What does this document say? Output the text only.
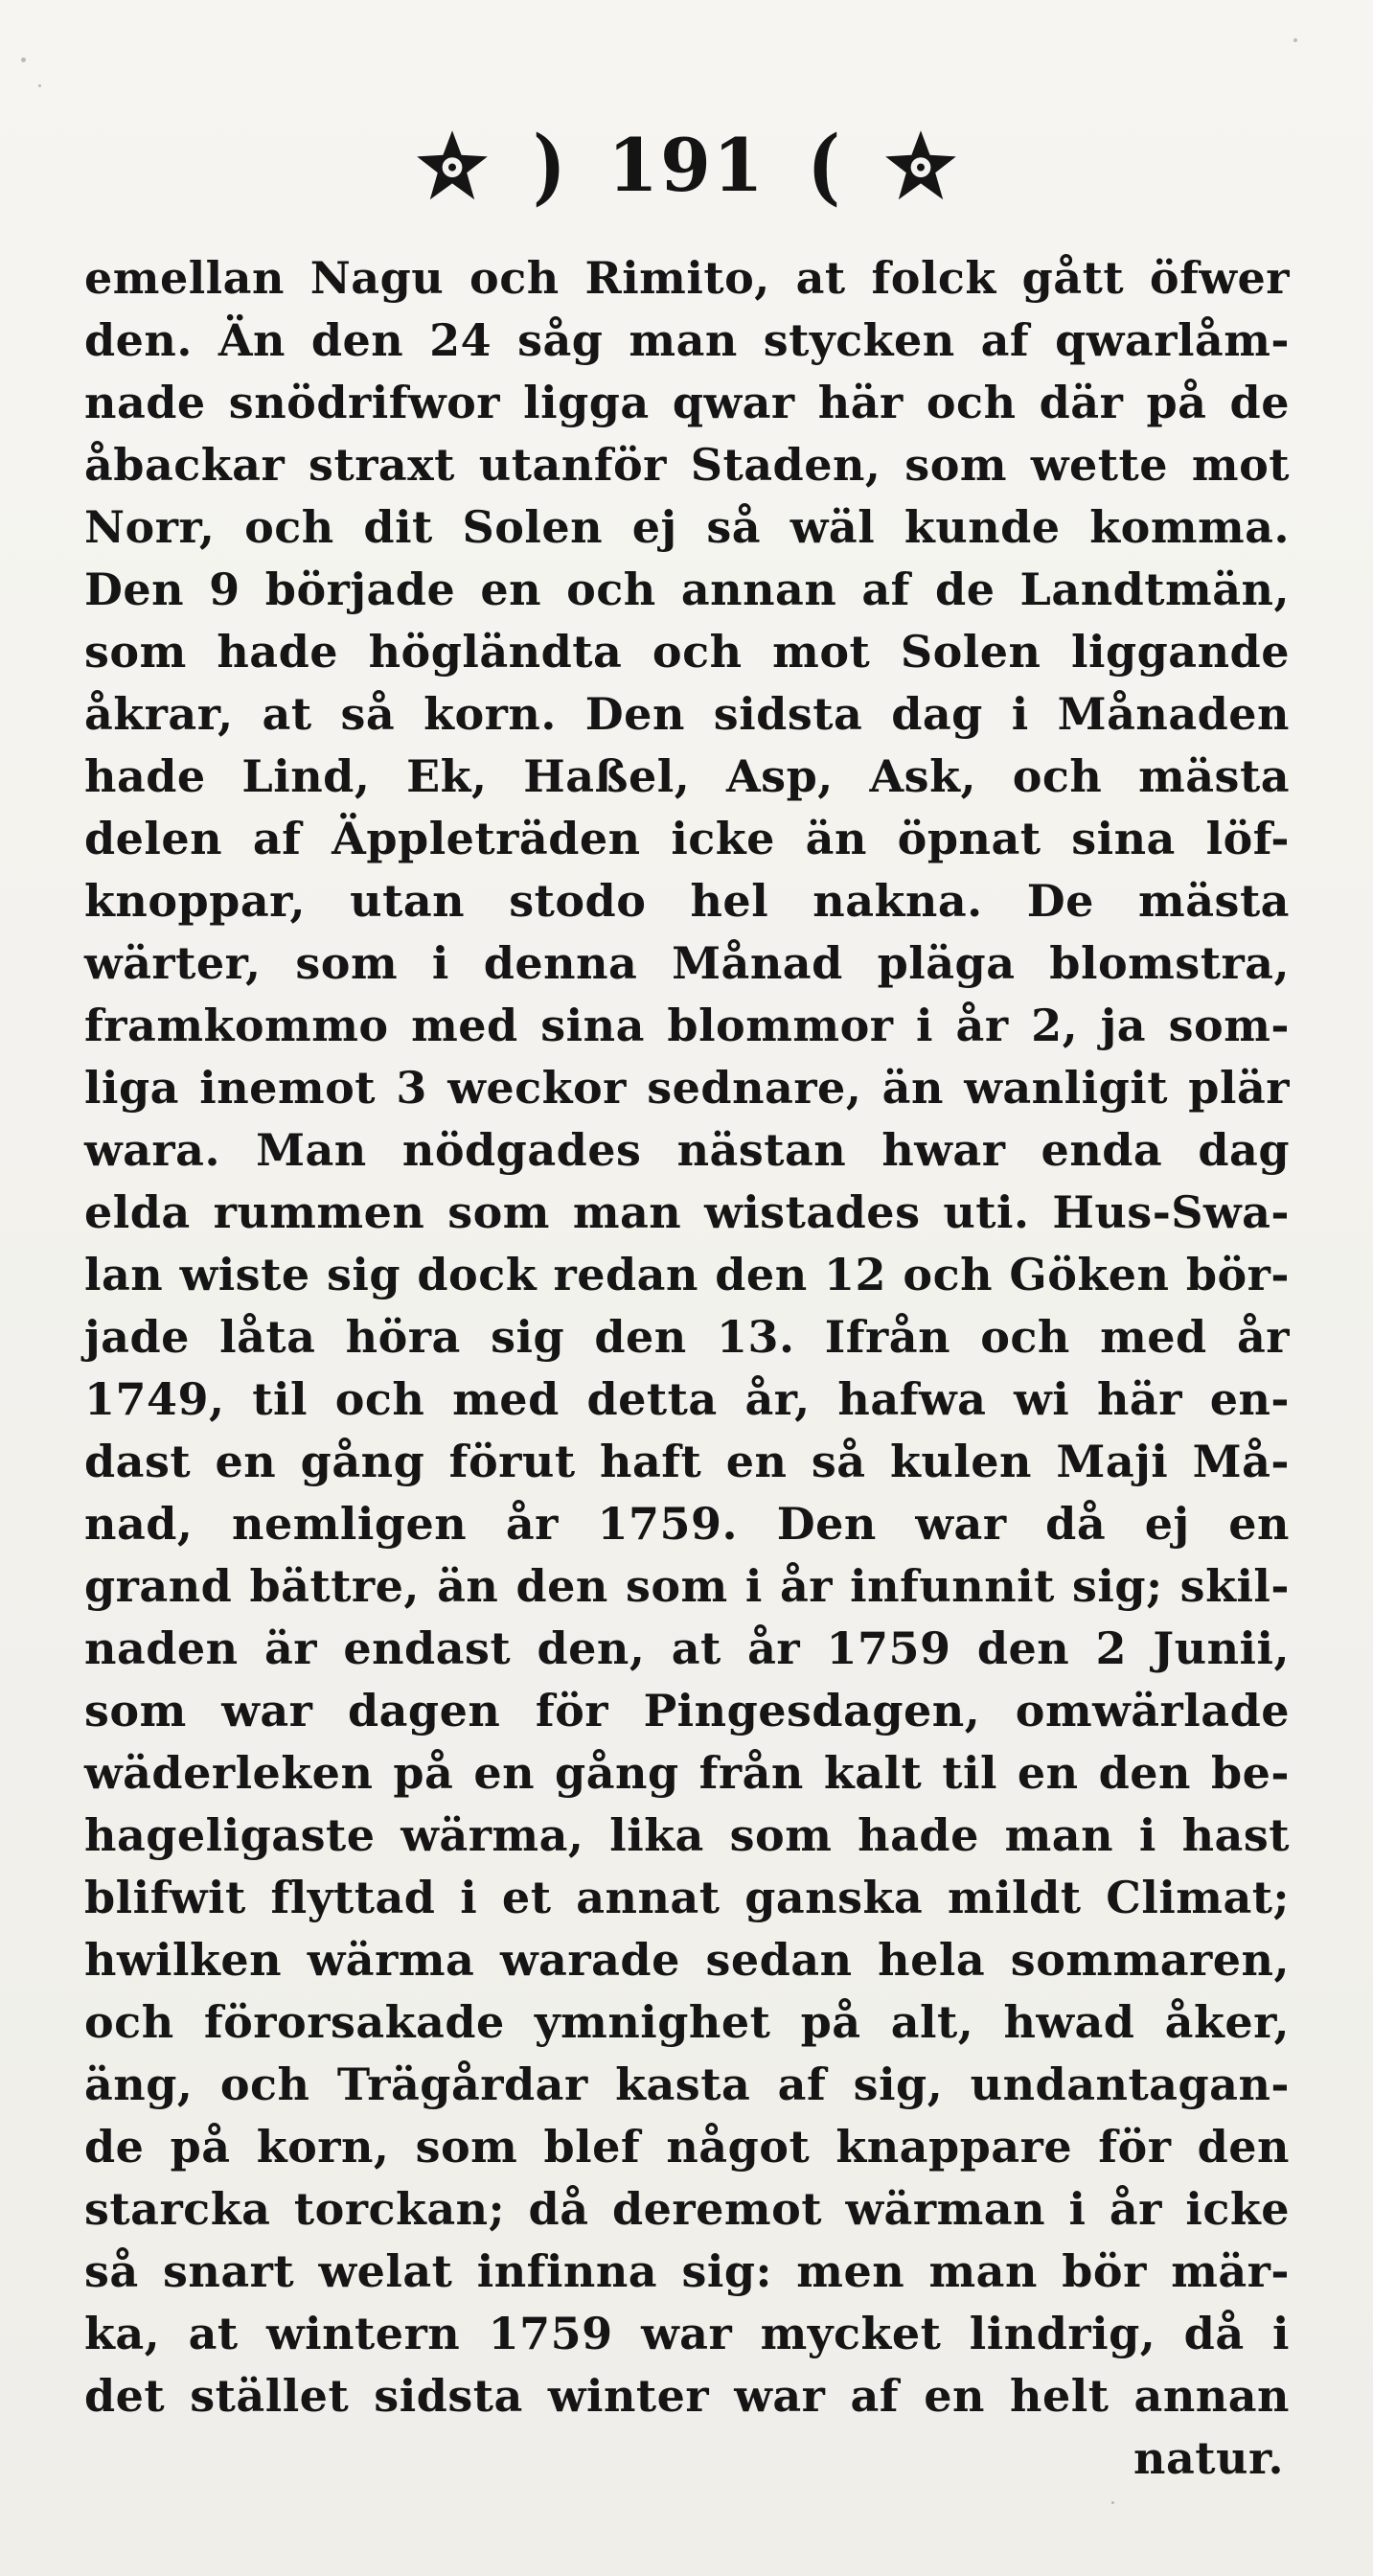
) 191 (
emellan Nagu och Rimito, at folck gått öfwer
den. Än den 24 såg man stycken af qwarlåm-
nade snödrifwor ligga qwar här och där på de
åbackar straxt utanför Staden, som wette mot
Norr, och dit Solen ej så wäl kunde komma.
Den 9 började en och annan af de Landtmän,
som hade högländta och mot Solen liggande
åkrar, at så korn. Den sidsta dag i Månaden
hade Lind, Ek, Haßel, Asp, Ask, och mästa
delen af Äppleträden icke än öpnat sina löf-
knoppar, utan stodo hel nakna. De mästa
wärter, som i denna Månad pläga blomstra,
framkommo med sina blommor i år 2, ja som-
liga inemot 3 weckor sednare, än wanligit plär
wara. Man nödgades nästan hwar enda dag
elda rummen som man wistades uti. Hus-Swa-
lan wiste sig dock redan den 12 och Göken bör-
jade låta höra sig den 13. Ifrån och med år
1749, til och med detta år, hafwa wi här en-
dast en gång förut haft en så kulen Maji Må-
nad, nemligen år 1759. Den war då ej en
grand bättre, än den som i år infunnit sig; skil-
naden är endast den, at år 1759 den 2 Junii,
som war dagen för Pingesdagen, omwärlade
wäderleken på en gång från kalt til en den be-
hageligaste wärma, lika som hade man i hast
blifwit flyttad i et annat ganska mildt Climat;
hwilken wärma warade sedan hela sommaren,
och förorsakade ymnighet på alt, hwad åker,
äng, och Trägårdar kasta af sig, undantagan-
de på korn, som blef något knappare för den
starcka torckan; då deremot wärman i år icke
så snart welat infinna sig: men man bör mär-
ka, at wintern 1759 war mycket lindrig, då i
det stället sidsta winter war af en helt annan
natur.
